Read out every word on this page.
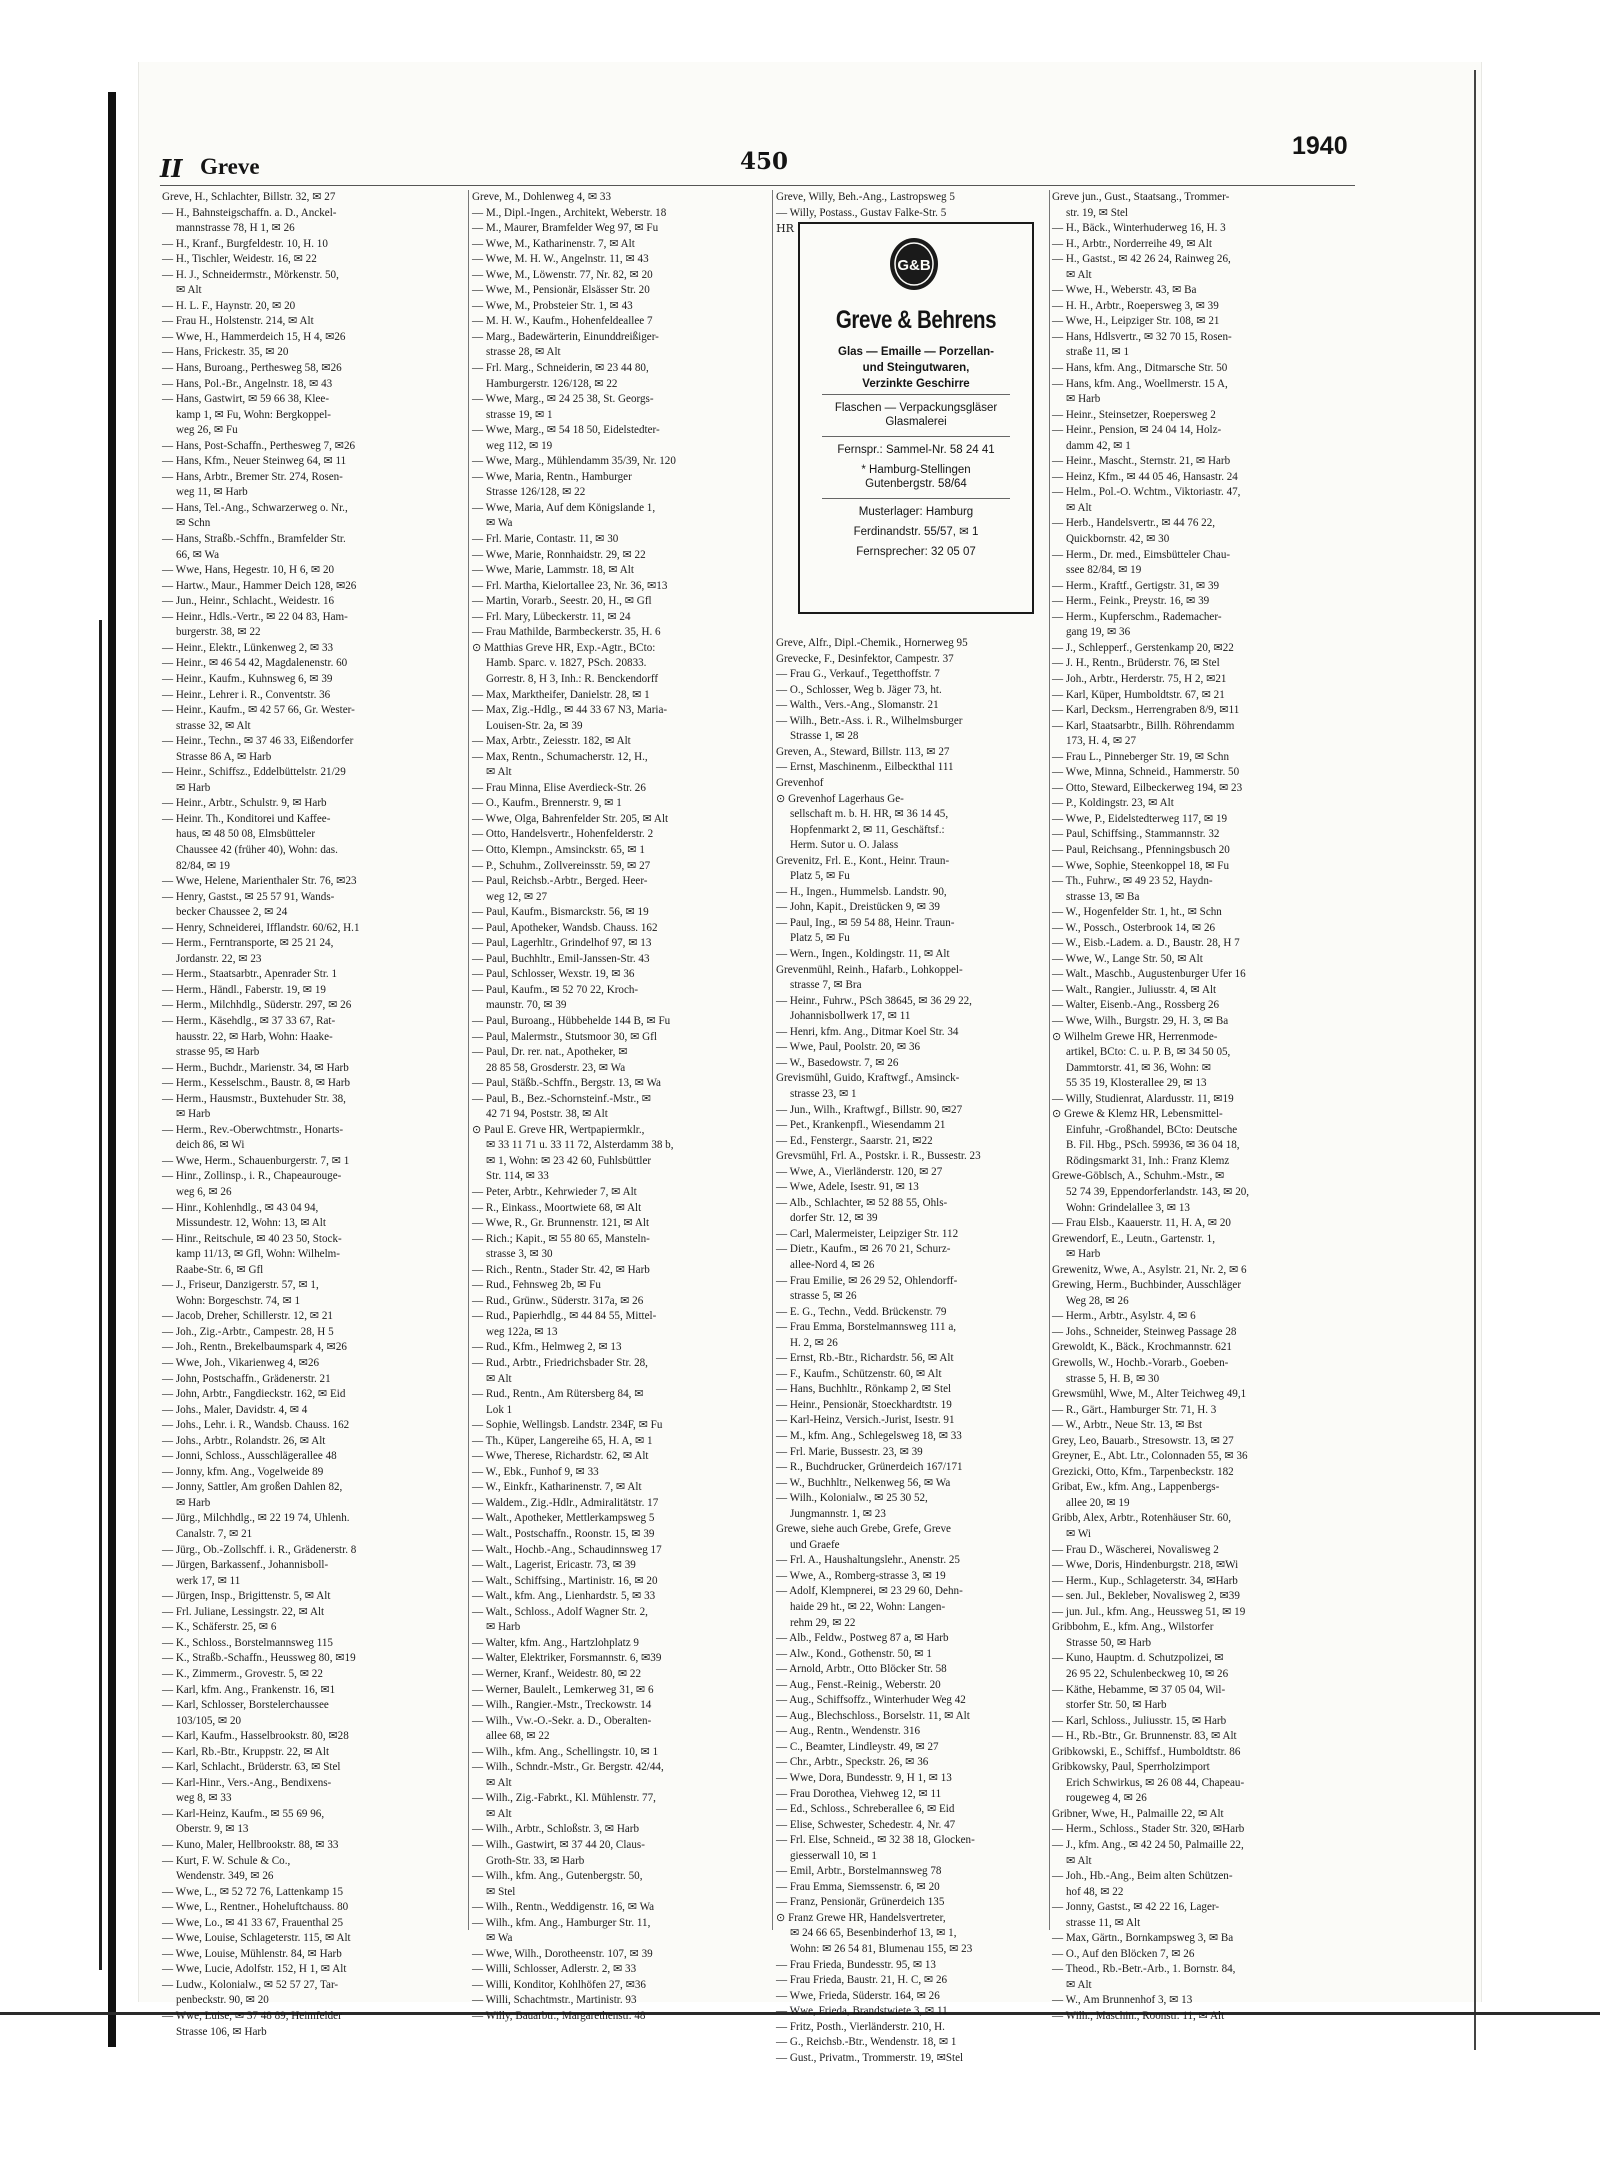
II Greve	450
1940
Greve, H., Schlachter, Billstr. 32, ✉ 27
— H., Bahnsteigschaffn. a. D., Anckel-
mannstrasse 78, H 1, ✉ 26
— H., Kranf., Burgfeldestr. 10, H. 10
— H., Tischler, Weidestr. 16, ✉ 22
— H. J., Schneidermstr., Mörkenstr. 50,
✉ Alt
— H. L. F., Haynstr. 20, ✉ 20
— Frau H., Holstenstr. 214, ✉ Alt
— Wwe, H., Hammerdeich 15, H 4, ✉26
— Hans, Frickestr. 35, ✉ 20
— Hans, Buroang., Perthesweg 58, ✉26
— Hans, Pol.-Br., Angelnstr. 18, ✉ 43
— Hans, Gastwirt, ✉ 59 66 38, Klee-
kamp 1, ✉ Fu, Wohn: Bergkoppel-
weg 26, ✉ Fu
— Hans, Post-Schaffn., Perthesweg 7, ✉26
— Hans, Kfm., Neuer Steinweg 64, ✉ 11
— Hans, Arbtr., Bremer Str. 274, Rosen-
weg 11, ✉ Harb
— Hans, Tel.-Ang., Schwarzerweg o. Nr.,
✉ Schn
— Hans, Straßb.-Schffn., Bramfelder Str.
66, ✉ Wa
— Wwe, Hans, Hegestr. 10, H 6, ✉ 20
— Hartw., Maur., Hammer Deich 128, ✉26
— Jun., Heinr., Schlacht., Weidestr. 16
— Heinr., Hdls.-Vertr., ✉ 22 04 83, Ham-
burgerstr. 38, ✉ 22
— Heinr., Elektr., Lünkenweg 2, ✉ 33
— Heinr., ✉ 46 54 42, Magdalenenstr. 60
— Heinr., Kaufm., Kuhnsweg 6, ✉ 39
— Heinr., Lehrer i. R., Conventstr. 36
— Heinr., Kaufm., ✉ 42 57 66, Gr. Wester-
strasse 32, ✉ Alt
— Heinr., Techn., ✉ 37 46 33, Eißendorfer
Strasse 86 A, ✉ Harb
— Heinr., Schiffsz., Eddelbüttelstr. 21/29
✉ Harb
— Heinr., Arbtr., Schulstr. 9, ✉ Harb
— Heinr. Th., Konditorei und Kaffee-
haus, ✉ 48 50 08, Elmsbütteler
Chaussee 42 (früher 40), Wohn: das.
82/84, ✉ 19
— Wwe, Helene, Marienthaler Str. 76, ✉23
— Henry, Gastst., ✉ 25 57 91, Wands-
becker Chaussee 2, ✉ 24
— Henry, Schneiderei, Ifflandstr. 60/62, H.1
— Herm., Ferntransporte, ✉ 25 21 24,
Jordanstr. 22, ✉ 23
— Herm., Staatsarbtr., Apenrader Str. 1
— Herm., Händl., Faberstr. 19, ✉ 19
— Herm., Milchhdlg., Süderstr. 297, ✉ 26
— Herm., Käsehdlg., ✉ 37 33 67, Rat-
hausstr. 22, ✉ Harb, Wohn: Haake-
strasse 95, ✉ Harb
— Herm., Buchdr., Marienstr. 34, ✉ Harb
— Herm., Kesselschm., Baustr. 8, ✉ Harb
— Herm., Hausmstr., Buxtehuder Str. 38,
✉ Harb
— Herm., Rev.-Oberwchtmstr., Honarts-
deich 86, ✉ Wi
— Wwe, Herm., Schauenburgerstr. 7, ✉ 1
— Hinr., Zollinsp., i. R., Chapeaurouge-
weg 6, ✉ 26
— Hinr., Kohlenhdlg., ✉ 43 04 94,
Missundestr. 12, Wohn: 13, ✉ Alt
— Hinr., Reitschule, ✉ 40 23 50, Stock-
kamp 11/13, ✉ Gfl, Wohn: Wilhelm-
Raabe-Str. 6, ✉ Gfl
— J., Friseur, Danzigerstr. 57, ✉ 1,
Wohn: Borgeschstr. 74, ✉ 1
— Jacob, Dreher, Schillerstr. 12, ✉ 21
— Joh., Zig.-Arbtr., Campestr. 28, H 5
— Joh., Rentn., Brekelbaumspark 4, ✉26
— Wwe, Joh., Vikarienweg 4, ✉26
— John, Postschaffn., Grädenerstr. 21
— John, Arbtr., Fangdieckstr. 162, ✉ Eid
— Johs., Maler, Davidstr. 4, ✉ 4
— Johs., Lehr. i. R., Wandsb. Chauss. 162
— Johs., Arbtr., Rolandstr. 26, ✉ Alt
— Jonni, Schloss., Ausschlägerallee 48
— Jonny, kfm. Ang., Vogelweide 89
— Jonny, Sattler, Am großen Dahlen 82,
✉ Harb
— Jürg., Milchhdlg., ✉ 22 19 74, Uhlenh.
Canalstr. 7, ✉ 21
— Jürg., Ob.-Zollschff. i. R., Grädenerstr. 8
— Jürgen, Barkassenf., Johannisboll-
werk 17, ✉ 11
— Jürgen, Insp., Brigittenstr. 5, ✉ Alt
— Frl. Juliane, Lessingstr. 22, ✉ Alt
— K., Schäferstr. 25, ✉ 6
— K., Schloss., Borstelmannsweg 115
— K., Straßb.-Schaffn., Heussweg 80, ✉19
— K., Zimmerm., Grovestr. 5, ✉ 22
— Karl, kfm. Ang., Frankenstr. 16, ✉1
— Karl, Schlosser, Borstelerchaussee
103/105, ✉ 20
— Karl, Kaufm., Hasselbrookstr. 80, ✉28
— Karl, Rb.-Btr., Kruppstr. 22, ✉ Alt
— Karl, Schlacht., Brüderstr. 63, ✉ Stel
— Karl-Hinr., Vers.-Ang., Bendixens-
weg 8, ✉ 33
— Karl-Heinz, Kaufm., ✉ 55 69 96,
Oberstr. 9, ✉ 13
— Kuno, Maler, Hellbrookstr. 88, ✉ 33
— Kurt, F. W. Schule & Co.,
Wendenstr. 349, ✉ 26
— Wwe, L., ✉ 52 72 76, Lattenkamp 15
— Wwe, L., Rentner., Hoheluftchauss. 80
— Wwe, Lo., ✉ 41 33 67, Frauenthal 25
— Wwe, Louise, Schlageterstr. 115, ✉ Alt
— Wwe, Louise, Mühlenstr. 84, ✉ Harb
— Wwe, Lucie, Adolfstr. 152, H 1, ✉ Alt
— Ludw., Kolonialw., ✉ 52 57 27, Tar-
penbeckstr. 90, ✉ 20
— Wwe, Luise, ✉ 37 48 89, Heimfelder
Strasse 106, ✉ Harb
Greve, M., Dohlenweg 4, ✉ 33
— M., Dipl.-Ingen., Architekt, Weberstr. 18
— M., Maurer, Bramfelder Weg 97, ✉ Fu
— Wwe, M., Katharinenstr. 7, ✉ Alt
— Wwe, M. H. W., Angelnstr. 11, ✉ 43
— Wwe, M., Löwenstr. 77, Nr. 82, ✉ 20
— Wwe, M., Pensionär, Elsässer Str. 20
— Wwe, M., Probsteier Str. 1, ✉ 43
— M. H. W., Kaufm., Hohenfeldeallee 7
— Marg., Badewärterin, Einunddreißiger-
strasse 28, ✉ Alt
— Frl. Marg., Schneiderin, ✉ 23 44 80,
Hamburgerstr. 126/128, ✉ 22
— Wwe, Marg., ✉ 24 25 38, St. Georgs-
strasse 19, ✉ 1
— Wwe, Marg., ✉ 54 18 50, Eidelstedter-
weg 112, ✉ 19
— Wwe, Marg., Mühlendamm 35/39, Nr. 120
— Wwe, Maria, Rentn., Hamburger
Strasse 126/128, ✉ 22
— Wwe, Maria, Auf dem Königslande 1,
✉ Wa
— Frl. Marie, Contastr. 11, ✉ 30
— Wwe, Marie, Ronnhaidstr. 29, ✉ 22
— Wwe, Marie, Lammstr. 18, ✉ Alt
— Frl. Martha, Kielortallee 23, Nr. 36, ✉13
— Martin, Vorarb., Seestr. 20, H., ✉ Gfl
— Frl. Mary, Lübeckerstr. 11, ✉ 24
— Frau Mathilde, Barmbeckerstr. 35, H. 6
⊙ Matthias Greve HR, Exp.-Agtr., BCto:
Hamb. Sparc. v. 1827, PSch. 20833.
Gorrestr. 8, H 3, Inh.: R. Benckendorff
— Max, Marktheifer, Danielstr. 28, ✉ 1
— Max, Zig.-Hdlg., ✉ 44 33 67 N3, Maria-
Louisen-Str. 2a, ✉ 39
— Max, Arbtr., Zeiesstr. 182, ✉ Alt
— Max, Rentn., Schumacherstr. 12, H.,
✉ Alt
— Frau Minna, Elise Averdieck-Str. 26
— O., Kaufm., Brennerstr. 9, ✉ 1
— Wwe, Olga, Bahrenfelder Str. 205, ✉ Alt
— Otto, Handelsvertr., Hohenfelderstr. 2
— Otto, Klempn., Amsinckstr. 65, ✉ 1
— P., Schuhm., Zollvereinsstr. 59, ✉ 27
— Paul, Reichsb.-Arbtr., Berged. Heer-
weg 12, ✉ 27
— Paul, Kaufm., Bismarckstr. 56, ✉ 19
— Paul, Apotheker, Wandsb. Chauss. 162
— Paul, Lagerhltr., Grindelhof 97, ✉ 13
— Paul, Buchhltr., Emil-Janssen-Str. 43
— Paul, Schlosser, Wexstr. 19, ✉ 36
— Paul, Kaufm., ✉ 52 70 22, Kroch-
maunstr. 70, ✉ 39
— Paul, Buroang., Hübbehelde 144 B, ✉ Fu
— Paul, Malermstr., Stutsmoor 30, ✉ Gfl
— Paul, Dr. rer. nat., Apotheker, ✉
28 85 58, Grosderstr. 23, ✉ Wa
— Paul, Stäßb.-Schffn., Bergstr. 13, ✉ Wa
— Paul, B., Bez.-Schornsteinf.-Mstr., ✉
42 71 94, Poststr. 38, ✉ Alt
⊙ Paul E. Greve HR, Wertpapiermklr.,
✉ 33 11 71 u. 33 11 72, Alsterdamm 38 b,
✉ 1, Wohn: ✉ 23 42 60, Fuhlsbüttler
Str. 114, ✉ 33
— Peter, Arbtr., Kehrwieder 7, ✉ Alt
— R., Einkass., Moortwiete 68, ✉ Alt
— Wwe, R., Gr. Brunnenstr. 121, ✉ Alt
— Rich.; Kapit., ✉ 55 80 65, Mansteln-
strasse 3, ✉ 30
— Rich., Rentn., Stader Str. 42, ✉ Harb
— Rud., Fehnsweg 2b, ✉ Fu
— Rud., Grünw., Süderstr. 317a, ✉ 26
— Rud., Papierhdlg., ✉ 44 84 55, Mittel-
weg 122a, ✉ 13
— Rud., Kfm., Helmweg 2, ✉ 13
— Rud., Arbtr., Friedrichsbader Str. 28,
✉ Alt
— Rud., Rentn., Am Rütersberg 84, ✉
Lok 1
— Sophie, Wellingsb. Landstr. 234F, ✉ Fu
— Th., Küper, Langereihe 65, H. A, ✉ 1
— Wwe, Therese, Richardstr. 62, ✉ Alt
— W., Ebk., Funhof 9, ✉ 33
— W., Einkfr., Katharinenstr. 7, ✉ Alt
— Waldem., Zig.-Hdlr., Admiralitätstr. 17
— Walt., Apotheker, Mettlerkampsweg 5
— Walt., Postschaffn., Roonstr. 15, ✉ 39
— Walt., Hochb.-Ang., Schaudinnsweg 17
— Walt., Lagerist, Ericastr. 73, ✉ 39
— Walt., Schiffsing., Martinistr. 16, ✉ 20
— Walt., kfm. Ang., Lienhardstr. 5, ✉ 33
— Walt., Schloss., Adolf Wagner Str. 2,
✉ Harb
— Walter, kfm. Ang., Hartzlohplatz 9
— Walter, Elektriker, Forsmannstr. 6, ✉39
— Werner, Kranf., Weidestr. 80, ✉ 22
— Werner, Baulelt., Lemkerweg 31, ✉ 6
— Wilh., Rangier.-Mstr., Treckowstr. 14
— Wilh., Vw.-O.-Sekr. a. D., Oberalten-
allee 68, ✉ 22
— Wilh., kfm. Ang., Schellingstr. 10, ✉ 1
— Wilh., Schndr.-Mstr., Gr. Bergstr. 42/44,
✉ Alt
— Wilh., Zig.-Fabrkt., Kl. Mühlenstr. 77,
✉ Alt
— Wilh., Arbtr., Schloßstr. 3, ✉ Harb
— Wilh., Gastwirt, ✉ 37 44 20, Claus-
Groth-Str. 33, ✉ Harb
— Wilh., kfm. Ang., Gutenbergstr. 50,
✉ Stel
— Wilh., Rentn., Weddigenstr. 16, ✉ Wa
— Wilh., kfm. Ang., Hamburger Str. 11,
✉ Wa
— Wwe, Wilh., Dorotheenstr. 107, ✉ 39
— Willi, Schlosser, Adlerstr. 2, ✉ 33
— Willi, Konditor, Kohlhöfen 27, ✉36
— Willi, Schachtmstr., Martinistr. 93
— Willy, Bauarbtr., Margarethenstr. 48
Greve, Willy, Beh.-Ang., Lastropsweg 5
— Willy, Postass., Gustav Falke-Str. 5
Greve, Alfr., Dipl.-Chemik., Hornerweg 95
Grevecke, F., Desinfektor, Campestr. 37
— Frau G., Verkauf., Tegetthoffstr. 7
— O., Schlosser, Weg b. Jäger 73, ht.
— Walth., Vers.-Ang., Slomanstr. 21
— Wilh., Betr.-Ass. i. R., Wilhelmsburger
Strasse 1, ✉ 28
Greven, A., Steward, Billstr. 113, ✉ 27
— Ernst, Maschinenm., Eilbeckthal 111
Grevenhof
⊙ Grevenhof Lagerhaus Ge-
sellschaft m. b. H. HR, ✉ 36 14 45,
Hopfenmarkt 2, ✉ 11, Geschäftsf.:
Herm. Sutor u. O. Jalass
Grevenitz, Frl. E., Kont., Heinr. Traun-
Platz 5, ✉ Fu
— H., Ingen., Hummelsb. Landstr. 90,
— John, Kapit., Dreistücken 9, ✉ 39
— Paul, Ing., ✉ 59 54 88, Heinr. Traun-
Platz 5, ✉ Fu
— Wern., Ingen., Koldingstr. 11, ✉ Alt
Grevenmühl, Reinh., Hafarb., Lohkoppel-
strasse 7, ✉ Bra
— Heinr., Fuhrw., PSch 38645, ✉ 36 29 22,
Johannisbollwerk 17, ✉ 11
— Henri, kfm. Ang., Ditmar Koel Str. 34
— Wwe, Paul, Poolstr. 20, ✉ 36
— W., Basedowstr. 7, ✉ 26
Grevismühl, Guido, Kraftwgf., Amsinck-
strasse 23, ✉ 1
— Jun., Wilh., Kraftwgf., Billstr. 90, ✉27
— Pet., Krankenpfl., Wiesendamm 21
— Ed., Fenstergr., Saarstr. 21, ✉22
Grevsmühl, Frl. A., Postskr. i. R., Bussestr. 23
— Wwe, A., Vierländerstr. 120, ✉ 27
— Wwe, Adele, Isestr. 91, ✉ 13
— Alb., Schlachter, ✉ 52 88 55, Ohls-
dorfer Str. 12, ✉ 39
— Carl, Malermeister, Leipziger Str. 112
— Dietr., Kaufm., ✉ 26 70 21, Schurz-
allee-Nord 4, ✉ 26
— Frau Emilie, ✉ 26 29 52, Ohlendorff-
strasse 5, ✉ 26
— E. G., Techn., Vedd. Brückenstr. 79
— Frau Emma, Borstelmannsweg 111 a,
H. 2, ✉ 26
— Ernst, Rb.-Btr., Richardstr. 56, ✉ Alt
— F., Kaufm., Schützenstr. 60, ✉ Alt
— Hans, Buchhltr., Rönkamp 2, ✉ Stel
— Heinr., Pensionär, Stoeckhardtstr. 19
— Karl-Heinz, Versich.-Jurist, Isestr. 91
— M., kfm. Ang., Schlegelsweg 18, ✉ 33
— Frl. Marie, Bussestr. 23, ✉ 39
— R., Buchdrucker, Grünerdeich 167/171
— W., Buchhltr., Nelkenweg 56, ✉ Wa
— Wilh., Kolonialw., ✉ 25 30 52,
Jungmannstr. 1, ✉ 23
Grewe, siehe auch Grebe, Grefe, Greve
und Graefe
— Frl. A., Haushaltungslehr., Anenstr. 25
— Wwe, A., Romberg-strasse 3, ✉ 19
— Adolf, Klempnerei, ✉ 23 29 60, Dehn-
haide 29 ht., ✉ 22, Wohn: Langen-
rehm 29, ✉ 22
— Alb., Feldw., Postweg 87 a, ✉ Harb
— Alw., Kond., Gothenstr. 50, ✉ 1
— Arnold, Arbtr., Otto Blöcker Str. 58
— Aug., Fenst.-Reinig., Weberstr. 20
— Aug., Schiffsoffz., Winterhuder Weg 42
— Aug., Blechschloss., Borselstr. 11, ✉ Alt
— Aug., Rentn., Wendenstr. 316
— C., Beamter, Lindleystr. 49, ✉ 27
— Chr., Arbtr., Speckstr. 26, ✉ 36
— Wwe, Dora, Bundesstr. 9, H 1, ✉ 13
— Frau Dorothea, Viehweg 12, ✉ 11
— Ed., Schloss., Schreberallee 6, ✉ Eid
— Elise, Schwester, Schedestr. 4, Nr. 47
— Frl. Else, Schneid., ✉ 32 38 18, Glocken-
giesserwall 10, ✉ 1
— Emil, Arbtr., Borstelmannsweg 78
— Frau Emma, Siemssenstr. 6, ✉ 20
— Franz, Pensionär, Grünerdeich 135
⊙ Franz Grewe HR, Handelsvertreter,
✉ 24 66 65, Besenbinderhof 13, ✉ 1,
Wohn: ✉ 26 54 81, Blumenau 155, ✉ 23
— Frau Frieda, Bundesstr. 95, ✉ 13
— Frau Frieda, Baustr. 21, H. C, ✉ 26
— Wwe, Frieda, Süderstr. 164, ✉ 26
— Wwe, Frieda, Brandstwiete 3, ✉ 11
— Fritz, Posth., Vierländerstr. 210, H.
— G., Reichsb.-Btr., Wendenstr. 18, ✉ 1
— Gust., Privatm., Trommerstr. 19, ✉Stel
Greve jun., Gust., Staatsang., Trommer-
str. 19, ✉ Stel
— H., Bäck., Winterhuderweg 16, H. 3
— H., Arbtr., Norderreihe 49, ✉ Alt
— H., Gastst., ✉ 42 26 24, Rainweg 26,
✉ Alt
— Wwe, H., Weberstr. 43, ✉ Ba
— H. H., Arbtr., Roepersweg 3, ✉ 39
— Wwe, H., Leipziger Str. 108, ✉ 21
— Hans, Hdlsvertr., ✉ 32 70 15, Rosen-
straße 11, ✉ 1
— Hans, kfm. Ang., Ditmarsche Str. 50
— Hans, kfm. Ang., Woellmerstr. 15 A,
✉ Harb
— Heinr., Steinsetzer, Roepersweg 2
— Heinr., Pension, ✉ 24 04 14, Holz-
damm 42, ✉ 1
— Heinr., Mascht., Sternstr. 21, ✉ Harb
— Heinz, Kfm., ✉ 44 05 46, Hansastr. 24
— Helm., Pol.-O. Wchtm., Viktoriastr. 47,
✉ Alt
— Herb., Handelsvertr., ✉ 44 76 22,
Quickbornstr. 42, ✉ 30
— Herm., Dr. med., Eimsbütteler Chau-
ssee 82/84, ✉ 19
— Herm., Kraftf., Gertigstr. 31, ✉ 39
— Herm., Feink., Preystr. 16, ✉ 39
— Herm., Kupferschm., Rademacher-
gang 19, ✉ 36
— J., Schlepperf., Gerstenkamp 20, ✉22
— J. H., Rentn., Brüderstr. 76, ✉ Stel
— Joh., Arbtr., Herderstr. 75, H 2, ✉21
— Karl, Küper, Humboldtstr. 67, ✉ 21
— Karl, Decksm., Herrengraben 8/9, ✉11
— Karl, Staatsarbtr., Billh. Röhrendamm
173, H. 4, ✉ 27
— Frau L., Pinneberger Str. 19, ✉ Schn
— Wwe, Minna, Schneid., Hammerstr. 50
— Otto, Steward, Eilbeckerweg 194, ✉ 23
— P., Koldingstr. 23, ✉ Alt
— Wwe, P., Eidelstedterweg 117, ✉ 19
— Paul, Schiffsing., Stammannstr. 32
— Paul, Reichsang., Pfenningsbusch 20
— Wwe, Sophie, Steenkoppel 18, ✉ Fu
— Th., Fuhrw., ✉ 49 23 52, Haydn-
strasse 13, ✉ Ba
— W., Hogenfelder Str. 1, ht., ✉ Schn
— W., Possch., Osterbrook 14, ✉ 26
— W., Eisb.-Ladem. a. D., Baustr. 28, H 7
— Wwe, W., Lange Str. 50, ✉ Alt
— Walt., Maschb., Augustenburger Ufer 16
— Walt., Rangier., Juliusstr. 4, ✉ Alt
— Walter, Eisenb.-Ang., Rossberg 26
— Wwe, Wilh., Burgstr. 29, H. 3, ✉ Ba
⊙ Wilhelm Grewe HR, Herrenmode-
artikel, BCto: C. u. P. B, ✉ 34 50 05,
Dammtorstr. 41, ✉ 36, Wohn: ✉
55 35 19, Klosterallee 29, ✉ 13
— Willy, Studienrat, Alardusstr. 11, ✉19
⊙ Grewe & Klemz HR, Lebensmittel-
Einfuhr, -Großhandel, BCto: Deutsche
B. Fil. Hbg., PSch. 59936, ✉ 36 04 18,
Rödingsmarkt 31, Inh.: Franz Klemz
Grewe-Göblsch, A., Schuhm.-Mstr., ✉
52 74 39, Eppendorferlandstr. 143, ✉ 20,
Wohn: Grindelallee 3, ✉ 13
— Frau Elsb., Kaauerstr. 11, H. A, ✉ 20
Grewendorf, E., Leutn., Gartenstr. 1,
✉ Harb
Grewenitz, Wwe, A., Asylstr. 21, Nr. 2, ✉ 6
Grewing, Herm., Buchbinder, Ausschläger
Weg 28, ✉ 26
— Herm., Arbtr., Asylstr. 4, ✉ 6
— Johs., Schneider, Steinweg Passage 28
Grewoldt, K., Bäck., Krochmannstr. 621
Grewolls, W., Hochb.-Vorarb., Goeben-
strasse 5, H. B, ✉ 30
Grewsmühl, Wwe, M., Alter Teichweg 49,1
— R., Gärt., Hamburger Str. 71, H. 3
— W., Arbtr., Neue Str. 13, ✉ Bst
Grey, Leo, Bauarb., Stresowstr. 13, ✉ 27
Greyner, E., Abt. Ltr., Colonnaden 55, ✉ 36
Grezicki, Otto, Kfm., Tarpenbeckstr. 182
Gribat, Ew., kfm. Ang., Lappenbergs-
allee 20, ✉ 19
Gribb, Alex, Arbtr., Rotenhäuser Str. 60,
✉ Wi
— Frau D., Wäscherei, Novalisweg 2
— Wwe, Doris, Hindenburgstr. 218, ✉Wi
— Herm., Kup., Schlageterstr. 34, ✉Harb
— sen. Jul., Bekleber, Novalisweg 2, ✉39
— jun. Jul., kfm. Ang., Heussweg 51, ✉ 19
Gribbohm, E., kfm. Ang., Wilstorfer
Strasse 50, ✉ Harb
— Kuno, Hauptm. d. Schutzpolizei, ✉
26 95 22, Schulenbeckweg 10, ✉ 26
— Käthe, Hebamme, ✉ 37 05 04, Wil-
storfer Str. 50, ✉ Harb
— Karl, Schloss., Juliusstr. 15, ✉ Harb
— H., Rb.-Btr., Gr. Brunnenstr. 83, ✉ Alt
Gribkowski, E., Schiffsf., Humboldtstr. 86
Gribkowsky, Paul, Sperrholzimport
Erich Schwirkus, ✉ 26 08 44, Chapeau-
rougeweg 4, ✉ 26
Gribner, Wwe, H., Palmaille 22, ✉ Alt
— Herm., Schloss., Stader Str. 320, ✉Harb
— J., kfm. Ang., ✉ 42 24 50, Palmaille 22,
✉ Alt
— Joh., Hb.-Ang., Beim alten Schützen-
hof 48, ✉ 22
— Jonny, Gastst., ✉ 42 22 16, Lager-
strasse 11, ✉ Alt
— Max, Gärtn., Bornkampsweg 3, ✉ Ba
— O., Auf den Blöcken 7, ✉ 26
— Theod., Rb.-Betr.-Arb., 1. Bornstr. 84,
✉ Alt
— W., Am Brunnenhof 3, ✉ 13
— Wilh., Maschin., Roonstr. 11, ✉ Alt
HR
G&B
Greve & Behrens
Glas — Emaille — Porzellan-
und Steingutwaren,
Verzinkte Geschirre
Flaschen — Verpackungsgläser
Glasmalerei
Fernspr.: Sammel-Nr. 58 24 41
* Hamburg-Stellingen
Gutenbergstr. 58/64
Musterlager: Hamburg
Ferdinandstr. 55/57, ✉ 1
Fernsprecher: 32 05 07
